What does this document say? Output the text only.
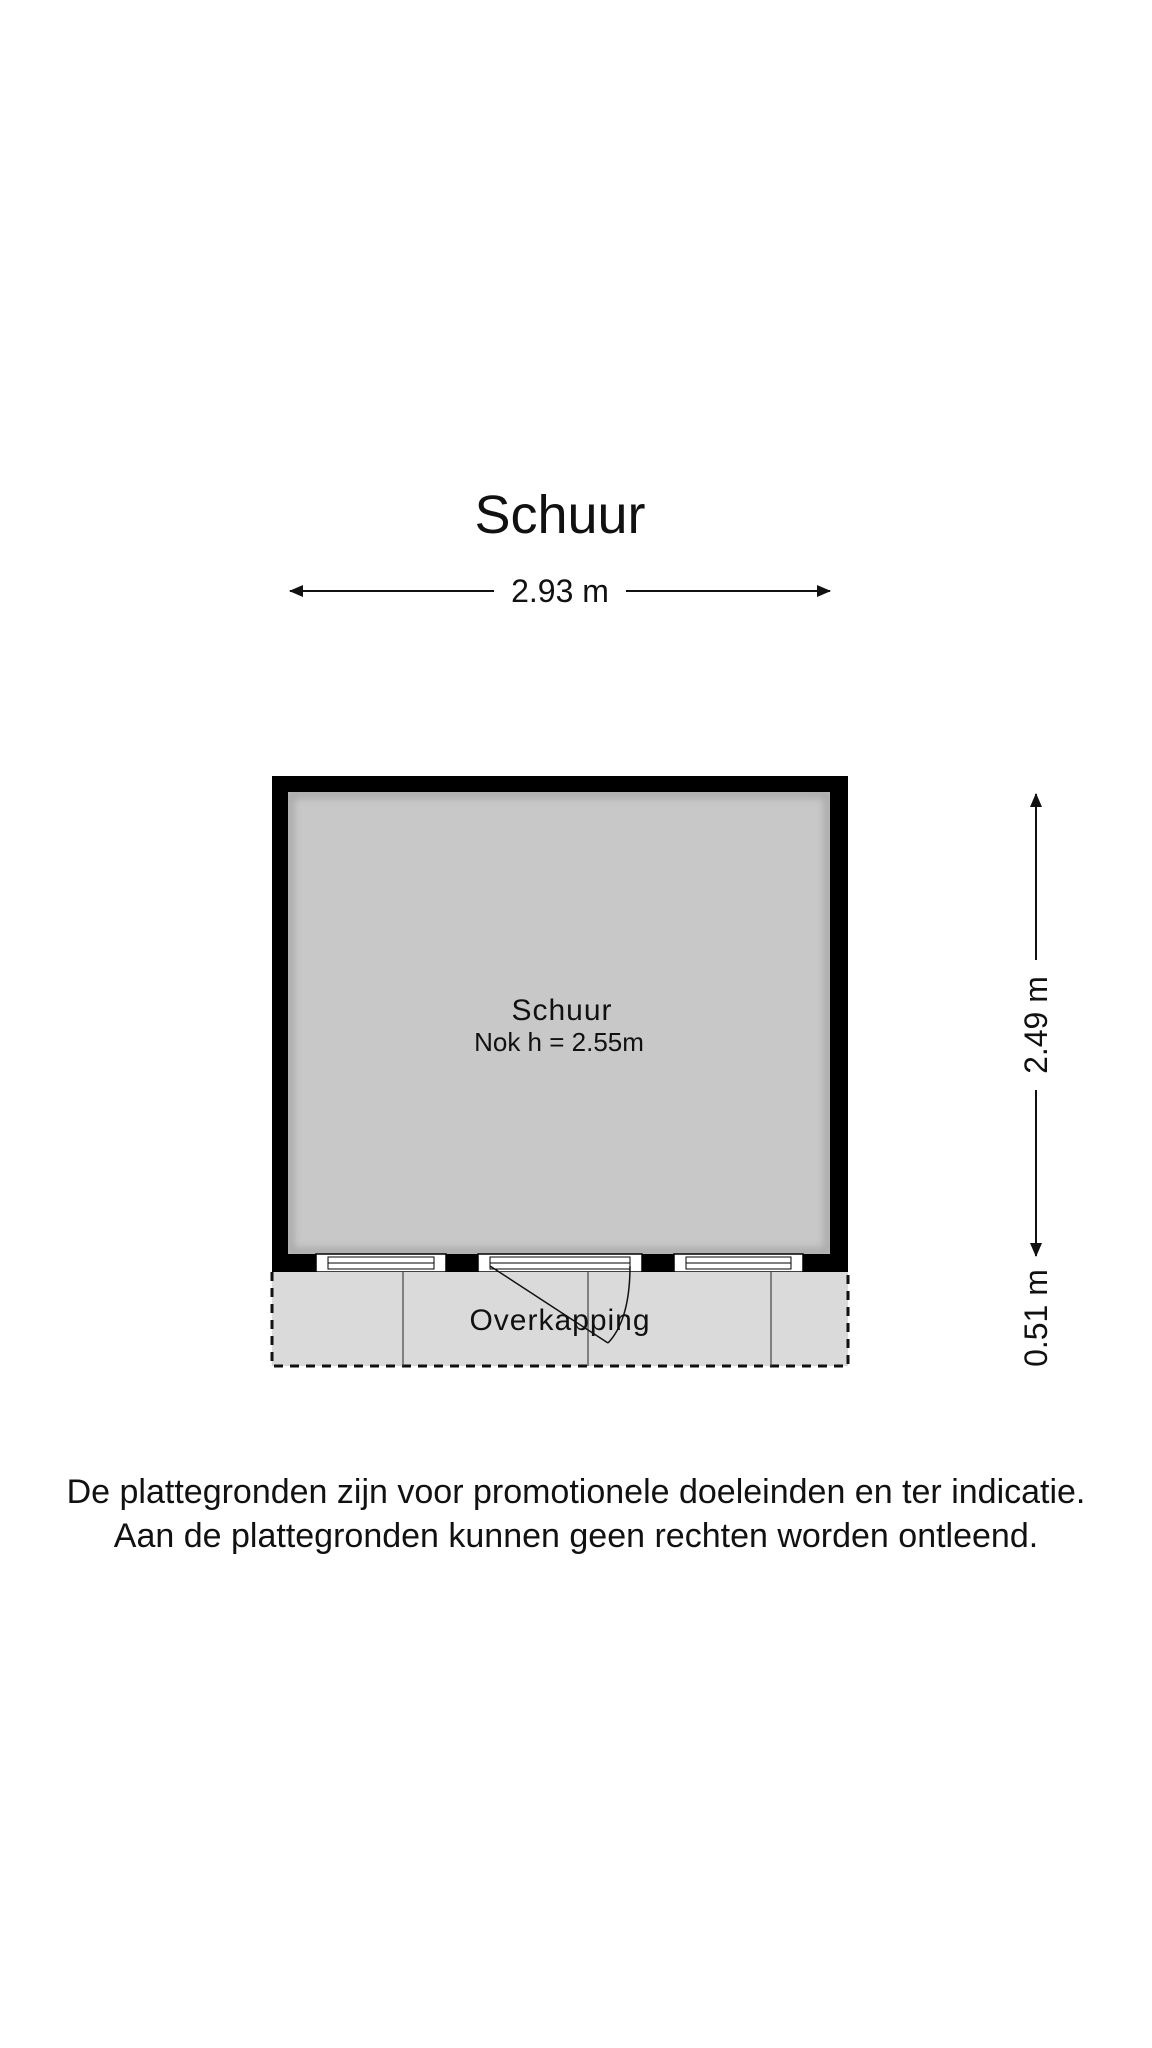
Schuur
2.93 m
Schuur
Nok h = 2.55m
Overkapping
2.49 m
0.51 m
De plattegronden zijn voor promotionele doeleinden en ter indicatie.
Aan de plattegronden kunnen geen rechten worden ontleend.
